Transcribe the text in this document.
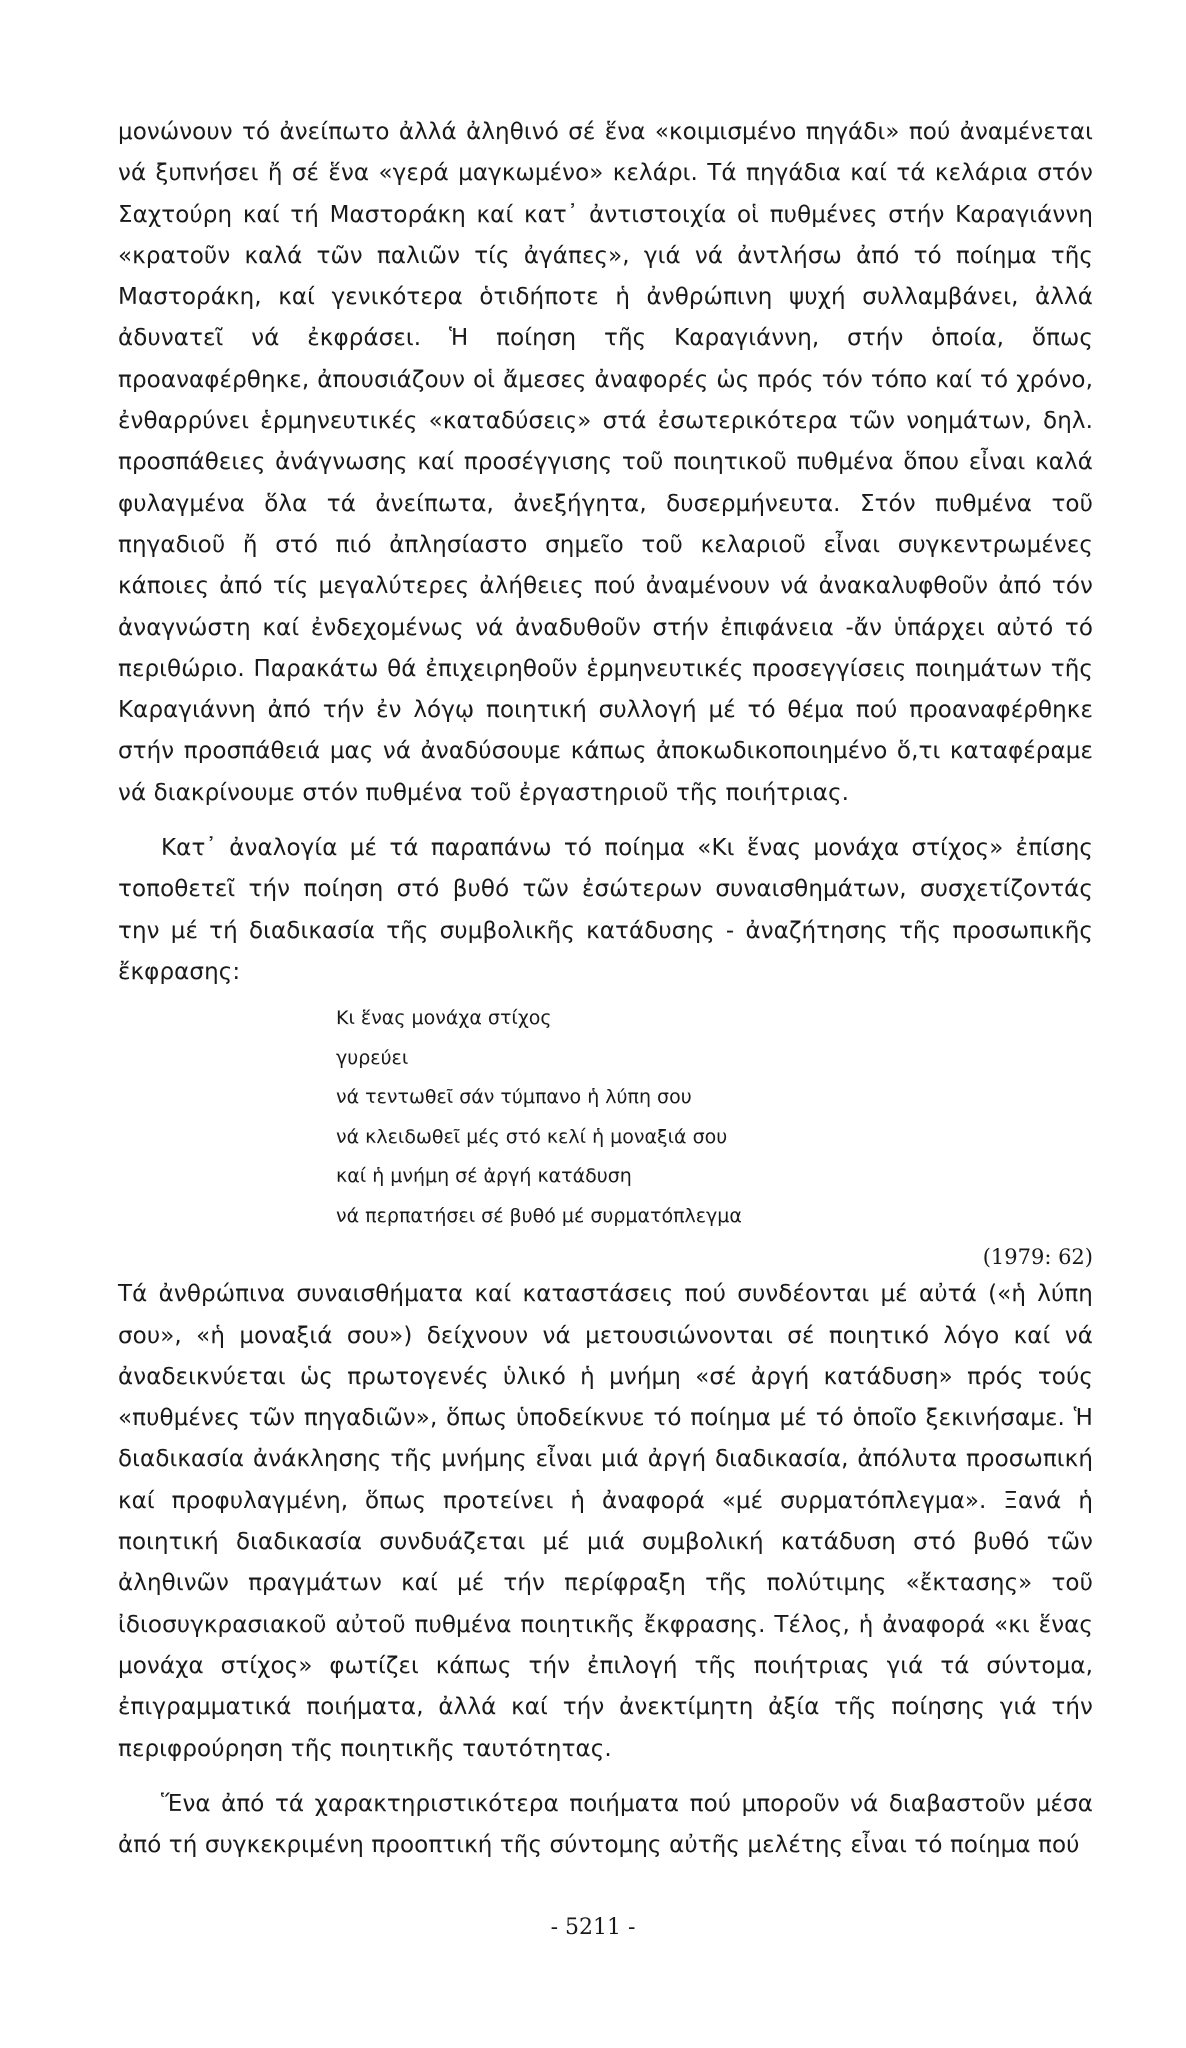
μονώνουν τό ἀνείπωτο ἀλλά ἀληθινό σέ ἕνα «κοιμισμένο πηγάδι» πού ἀναμένεται νά ξυπνήσει ἤ σέ ἕνα «γερά μαγκωμένο» κελάρι. Τά πηγάδια καί τά κελάρια στόν Σαχτούρη καί τή Μαστοράκη καί κατ᾿ ἀντιστοιχία οἱ πυθμένες στήν Καραγιάννη «κρατοῦν καλά τῶν παλιῶν τίς ἀγάπες», γιά νά ἀντλήσω ἀπό τό ποίημα τῆς Μαστοράκη, καί γενικότερα ὁτιδήποτε ἡ ἀνθρώπινη ψυχή συλλαμβάνει, ἀλλά ἀδυνατεῖ νά ἐκφράσει. Ἡ ποίηση τῆς Καραγιάννη, στήν ὁποία, ὅπως προαναφέρθηκε, ἀπουσιάζουν οἱ ἄμεσες ἀναφορές ὡς πρός τόν τόπο καί τό χρόνο, ἐνθαρρύνει ἑρμηνευτικές «καταδύσεις» στά ἐσωτερικότερα τῶν νοημάτων, δηλ. προσπάθειες ἀνάγνωσης καί προσέγγισης τοῦ ποιητικοῦ πυθμένα ὅπου εἶναι καλά φυλαγμένα ὅλα τά ἀνείπωτα, ἀνεξήγητα, δυσερμήνευτα. Στόν πυθμένα τοῦ πηγαδιοῦ ἤ στό πιό ἀπλησίαστο σημεῖο τοῦ κελαριοῦ εἶναι συγκεντρωμένες κάποιες ἀπό τίς μεγαλύτερες ἀλήθειες πού ἀναμένουν νά ἀνακαλυφθοῦν ἀπό τόν ἀναγνώστη καί ἐνδεχομένως νά ἀναδυθοῦν στήν ἐπιφάνεια -ἄν ὑπάρχει αὐτό τό περιθώριο. Παρακάτω θά ἐπιχειρηθοῦν ἑρμηνευτικές προσεγγίσεις ποιημάτων τῆς Καραγιάννη ἀπό τήν ἐν λόγῳ ποιητική συλλογή μέ τό θέμα πού προαναφέρθηκε στήν προσπάθειά μας νά ἀναδύσουμε κάπως ἀποκωδικοποιημένο ὅ,τι καταφέραμε νά διακρίνουμε στόν πυθμένα τοῦ ἐργαστηριοῦ τῆς ποιήτριας.

Κατ᾿ ἀναλογία μέ τά παραπάνω τό ποίημα «Κι ἕνας μονάχα στίχος» ἐπίσης τοποθετεῖ τήν ποίηση στό βυθό τῶν ἐσώτερων συναισθημάτων, συσχετίζοντάς την μέ τή διαδικασία τῆς συμβολικῆς κατάδυσης - ἀναζήτησης τῆς προσωπικῆς ἔκφρασης:

Κι ἕνας μονάχα στίχος
γυρεύει
νά τεντωθεῖ σάν τύμπανο ἡ λύπη σου
νά κλειδωθεῖ μές στό κελί ἡ μοναξιά σου
καί ἡ μνήμη σέ ἀργή κατάδυση
νά περπατήσει σέ βυθό μέ συρματόπλεγμα
(1979: 62)

Τά ἀνθρώπινα συναισθήματα καί καταστάσεις πού συνδέονται μέ αὐτά («ἡ λύπη σου», «ἡ μοναξιά σου») δείχνουν νά μετουσιώνονται σέ ποιητικό λόγο καί νά ἀναδεικνύεται ὡς πρωτογενές ὑλικό ἡ μνήμη «σέ ἀργή κατάδυση» πρός τούς «πυθμένες τῶν πηγαδιῶν», ὅπως ὑποδείκνυε τό ποίημα μέ τό ὁποῖο ξεκινήσαμε. Ἡ διαδικασία ἀνάκλησης τῆς μνήμης εἶναι μιά ἀργή διαδικασία, ἀπόλυτα προσωπική καί προφυλαγμένη, ὅπως προτείνει ἡ ἀναφορά «μέ συρματόπλεγμα». Ξανά ἡ ποιητική διαδικασία συνδυάζεται μέ μιά συμβολική κατάδυση στό βυθό τῶν ἀληθινῶν πραγμάτων καί μέ τήν περίφραξη τῆς πολύτιμης «ἔκτασης» τοῦ ἰδιοσυγκρασιακοῦ αὐτοῦ πυθμένα ποιητικῆς ἔκφρασης. Τέλος, ἡ ἀναφορά «κι ἕνας μονάχα στίχος» φωτίζει κάπως τήν ἐπιλογή τῆς ποιήτριας γιά τά σύντομα, ἐπιγραμματικά ποιήματα, ἀλλά καί τήν ἀνεκτίμητη ἀξία τῆς ποίησης γιά τήν περιφρούρηση τῆς ποιητικῆς ταυτότητας.

Ἕνα ἀπό τά χαρακτηριστικότερα ποιήματα πού μποροῦν νά διαβαστοῦν μέσα ἀπό τή συγκεκριμένη προοπτική τῆς σύντομης αὐτῆς μελέτης εἶναι τό ποίημα πού

- 5211 -
